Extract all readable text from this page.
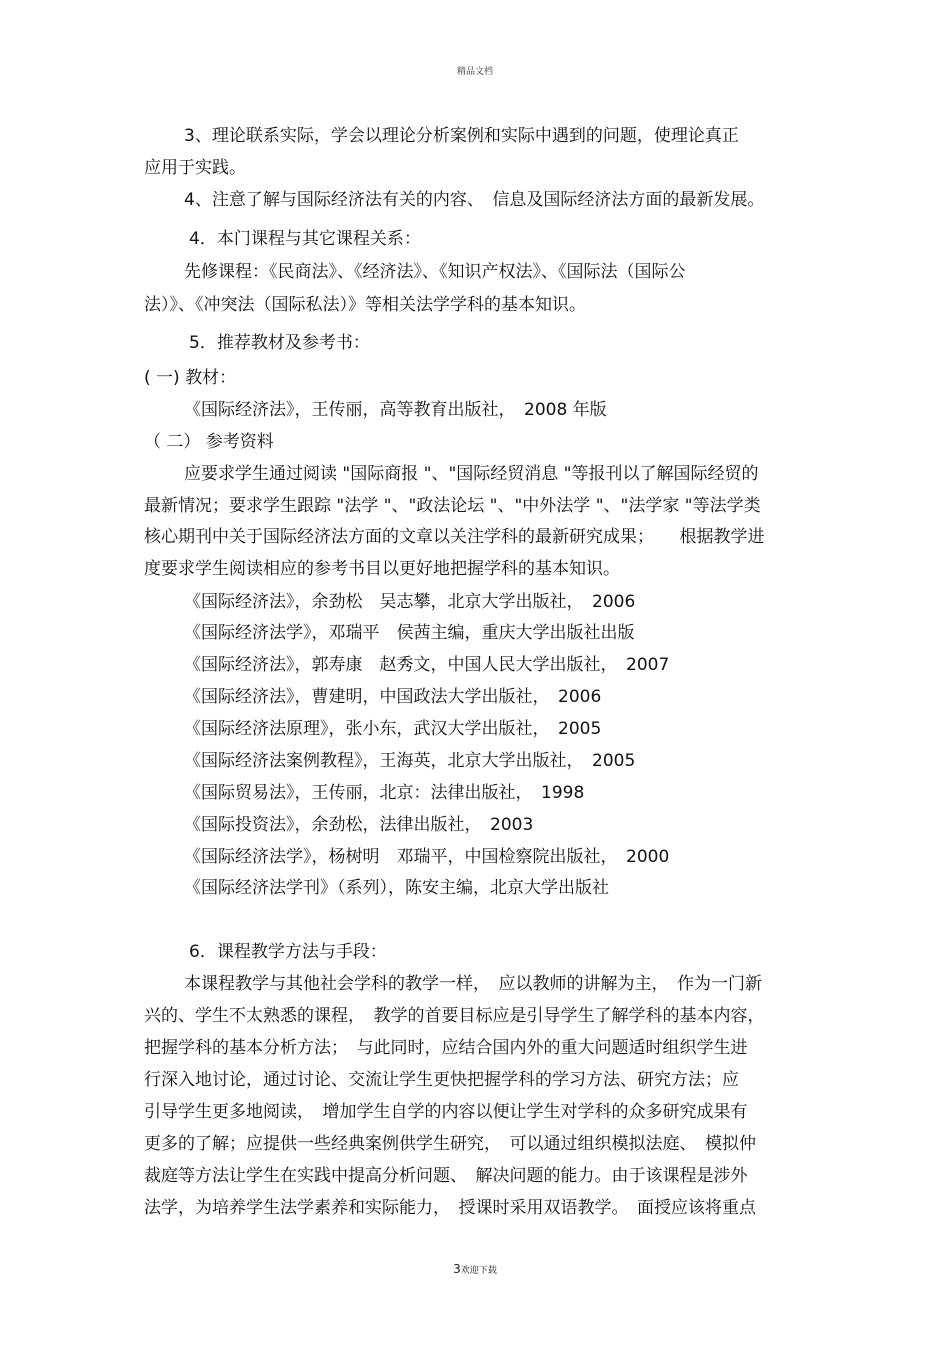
精品文档
3、理论联系实际，学会以理论分析案例和实际中遇到的问题，使理论真正
应用于实践。
4、注意了解与国际经济法有关的内容、　信息及国际经济法方面的最新发展。
4．本门课程与其它课程关系：
先修课程：《民商法》、《经济法》、《知识产权法》、《国际法（国际公
法）》、《冲突法（国际私法）》等相关法学学科的基本知识。
5．推荐教材及参考书：
( 一) 教材：
《国际经济法》，王传丽，高等教育出版社，　2008 年版
（ 二） 参考资料
应要求学生通过阅读 "国际商报 "、"国际经贸消息 "等报刊以了解国际经贸的
最新情况；要求学生跟踪 "法学 "、"政法论坛 "、"中外法学 "、"法学家 "等法学类
核心期刊中关于国际经济法方面的文章以关注学科的最新研究成果；　　根据教学进
度要求学生阅读相应的参考书目以更好地把握学科的基本知识。
《国际经济法》，余劲松　吴志攀，北京大学出版社，　2006
《国际经济法学》，邓瑞平　侯茜主编，重庆大学出版社出版
《国际经济法》，郭寿康　赵秀文，中国人民大学出版社，　2007
《国际经济法》，曹建明，中国政法大学出版社，　2006
《国际经济法原理》，张小东，武汉大学出版社，　2005
《国际经济法案例教程》，王海英，北京大学出版社，　2005
《国际贸易法》，王传丽，北京：法律出版社，　1998
《国际投资法》，余劲松，法律出版社，　2003
《国际经济法学》，杨树明　邓瑞平，中国检察院出版社，　2000
《国际经济法学刊》（系列），陈安主编，北京大学出版社
6．课程教学方法与手段：
本课程教学与其他社会学科的教学一样，　应以教师的讲解为主，　作为一门新
兴的、学生不太熟悉的课程，　教学的首要目标应是引导学生了解学科的基本内容，
把握学科的基本分析方法；　与此同时，应结合国内外的重大问题适时组织学生进
行深入地讨论，通过讨论、交流让学生更快把握学科的学习方法、研究方法；应
引导学生更多地阅读，　增加学生自学的内容以便让学生对学科的众多研究成果有
更多的了解；应提供一些经典案例供学生研究，　可以通过组织模拟法庭、　模拟仲
裁庭等方法让学生在实践中提高分析问题、　解决问题的能力。由于该课程是涉外
法学，为培养学生法学素养和实际能力，　授课时采用双语教学。　面授应该将重点
3欢迎下载
